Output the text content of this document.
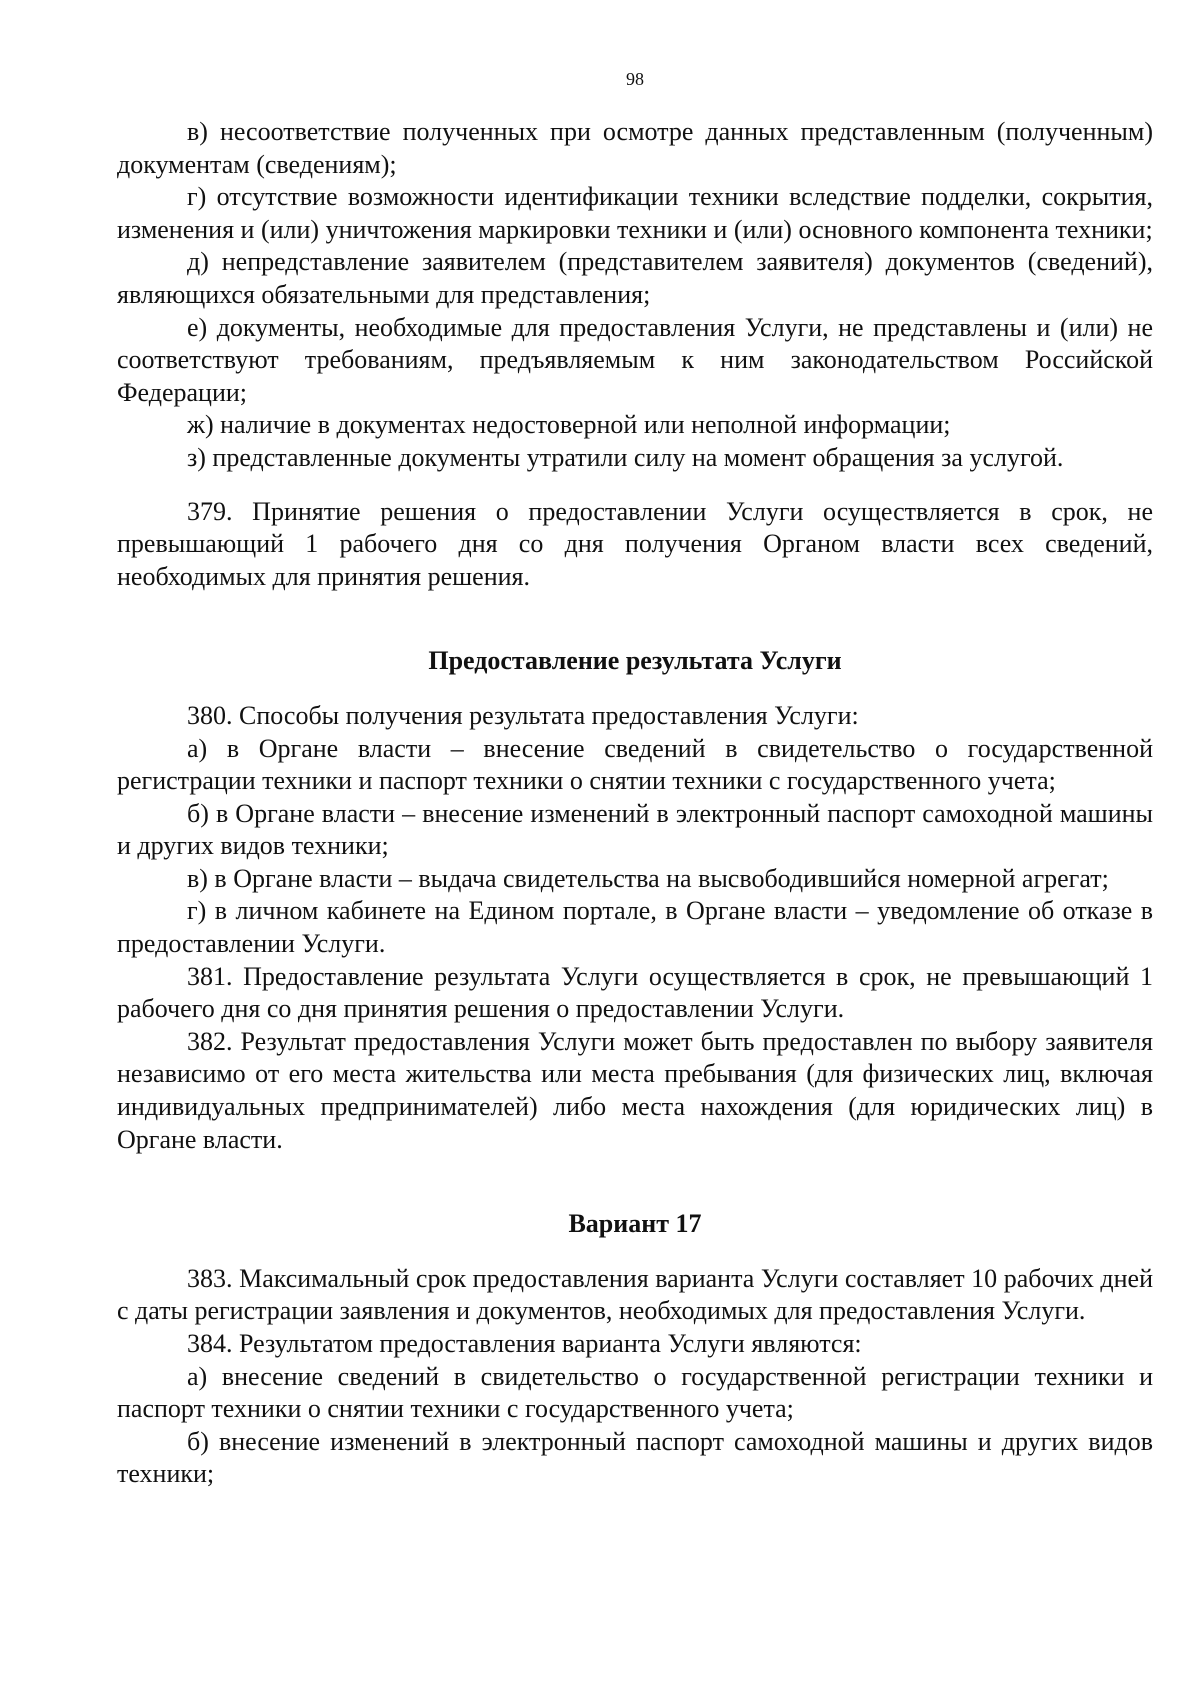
98

в) несоответствие полученных при осмотре данных представленным (полученным) документам (сведениям);

г) отсутствие возможности идентификации техники вследствие подделки, сокрытия, изменения и (или) уничтожения маркировки техники и (или) основного компонента техники;

д) непредставление заявителем (представителем заявителя) документов (сведений), являющихся обязательными для представления;

е) документы, необходимые для предоставления Услуги, не представлены и (или) не соответствуют требованиям, предъявляемым к ним законодательством Российской Федерации;

ж) наличие в документах недостоверной или неполной информации;

з) представленные документы утратили силу на момент обращения за услугой.

379. Принятие решения о предоставлении Услуги осуществляется в срок, не превышающий 1 рабочего дня со дня получения Органом власти всех сведений, необходимых для принятия решения.

Предоставление результата Услуги

380. Способы получения результата предоставления Услуги:

а) в Органе власти – внесение сведений в свидетельство о государственной регистрации техники и паспорт техники о снятии техники с государственного учета;

б) в Органе власти – внесение изменений в электронный паспорт самоходной машины и других видов техники;

в) в Органе власти – выдача свидетельства на высвободившийся номерной агрегат;

г) в личном кабинете на Едином портале, в Органе власти – уведомление об отказе в предоставлении Услуги.

381. Предоставление результата Услуги осуществляется в срок, не превышающий 1 рабочего дня со дня принятия решения о предоставлении Услуги.

382. Результат предоставления Услуги может быть предоставлен по выбору заявителя независимо от его места жительства или места пребывания (для физических лиц, включая индивидуальных предпринимателей) либо места нахождения (для юридических лиц) в Органе власти.

Вариант 17

383. Максимальный срок предоставления варианта Услуги составляет 10 рабочих дней с даты регистрации заявления и документов, необходимых для предоставления Услуги.

384. Результатом предоставления варианта Услуги являются:

а) внесение сведений в свидетельство о государственной регистрации техники и паспорт техники о снятии техники с государственного учета;

б) внесение изменений в электронный паспорт самоходной машины и других видов техники;
